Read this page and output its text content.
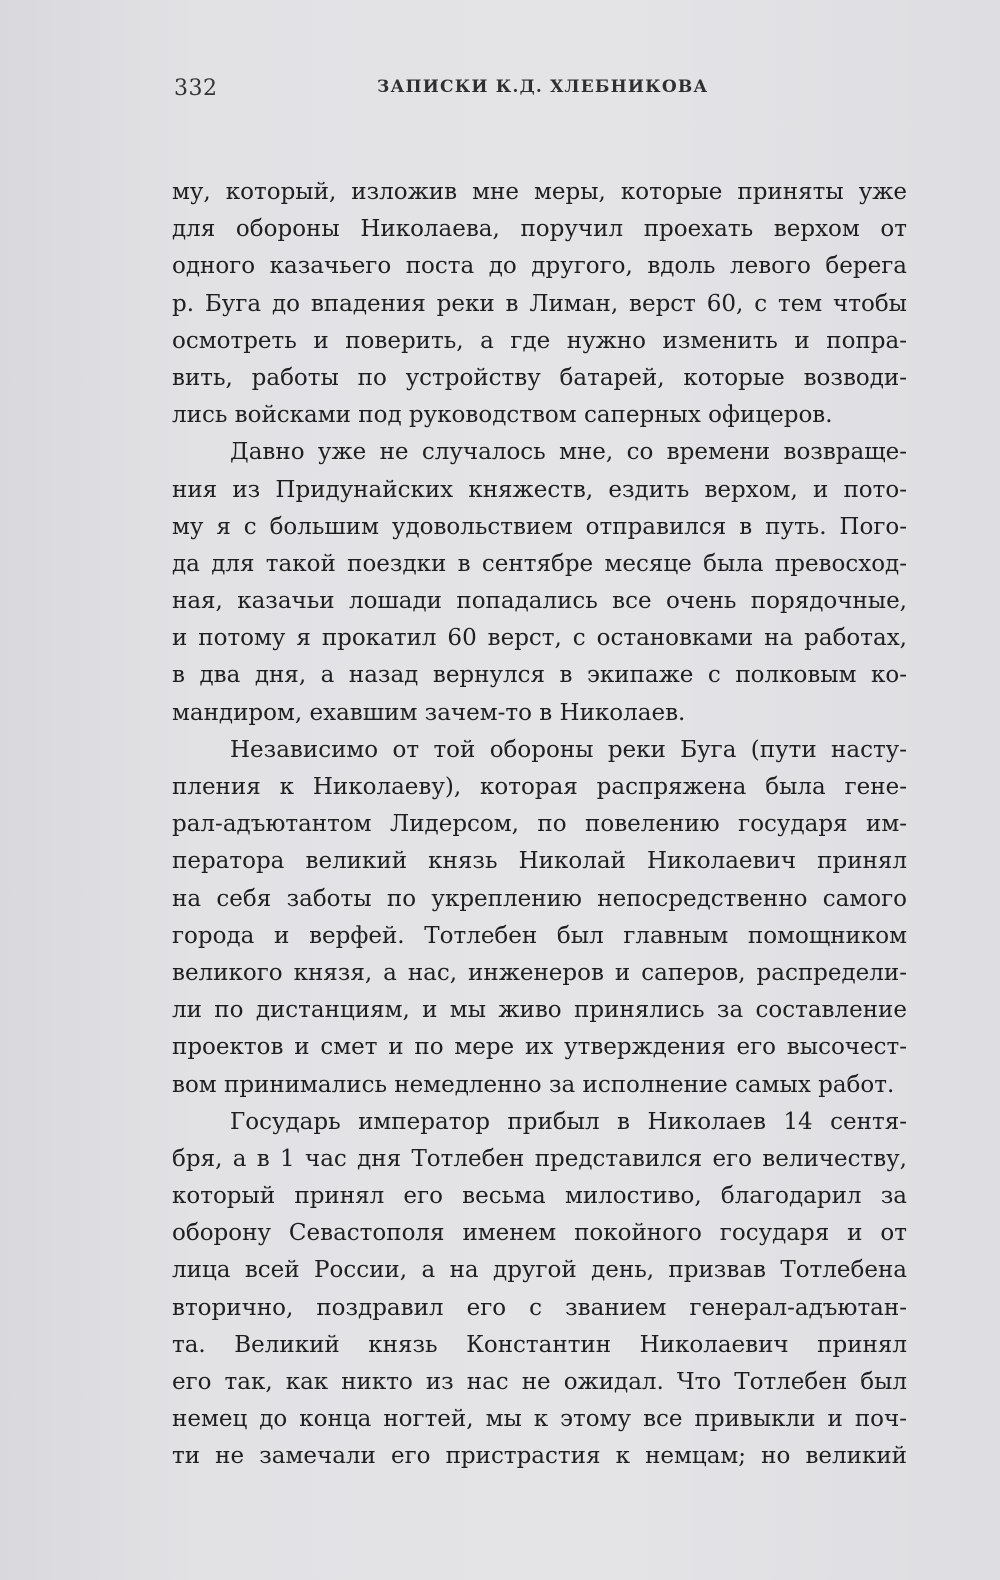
332	ЗАПИСКИ К.Д. ХЛЕБНИКОВА
му, который, изложив мне меры, которые приняты уже
для обороны Николаева, поручил проехать верхом от
одного казачьего поста до другого, вдоль левого берега
р. Буга до впадения реки в Лиман, верст 60, с тем чтобы
осмотреть и поверить, а где нужно изменить и попра-
вить, работы по устройству батарей, которые возводи-
лись войсками под руководством саперных офицеров.
Давно уже не случалось мне, со времени возвраще-
ния из Придунайских княжеств, ездить верхом, и пото-
му я с большим удовольствием отправился в путь. Пого-
да для такой поездки в сентябре месяце была превосход-
ная, казачьи лошади попадались все очень порядочные,
и потому я прокатил 60 верст, с остановками на работах,
в два дня, а назад вернулся в экипаже с полковым ко-
мандиром, ехавшим зачем-то в Николаев.
Независимо от той обороны реки Буга (пути насту-
пления к Николаеву), которая распряжена была гене-
рал-адъютантом Лидерсом, по повелению государя им-
ператора великий князь Николай Николаевич принял
на себя заботы по укреплению непосредственно самого
города и верфей. Тотлебен был главным помощником
великого князя, а нас, инженеров и саперов, распредели-
ли по дистанциям, и мы живо принялись за составление
проектов и смет и по мере их утверждения его высочест-
вом принимались немедленно за исполнение самых работ.
Государь император прибыл в Николаев 14 сентя-
бря, а в 1 час дня Тотлебен представился его величеству,
который принял его весьма милостиво, благодарил за
оборону Севастополя именем покойного государя и от
лица всей России, а на другой день, призвав Тотлебена
вторично, поздравил его с званием генерал-адъютан-
та. Великий князь Константин Николаевич принял
его так, как никто из нас не ожидал. Что Тотлебен был
немец до конца ногтей, мы к этому все привыкли и поч-
ти не замечали его пристрастия к немцам; но великий
